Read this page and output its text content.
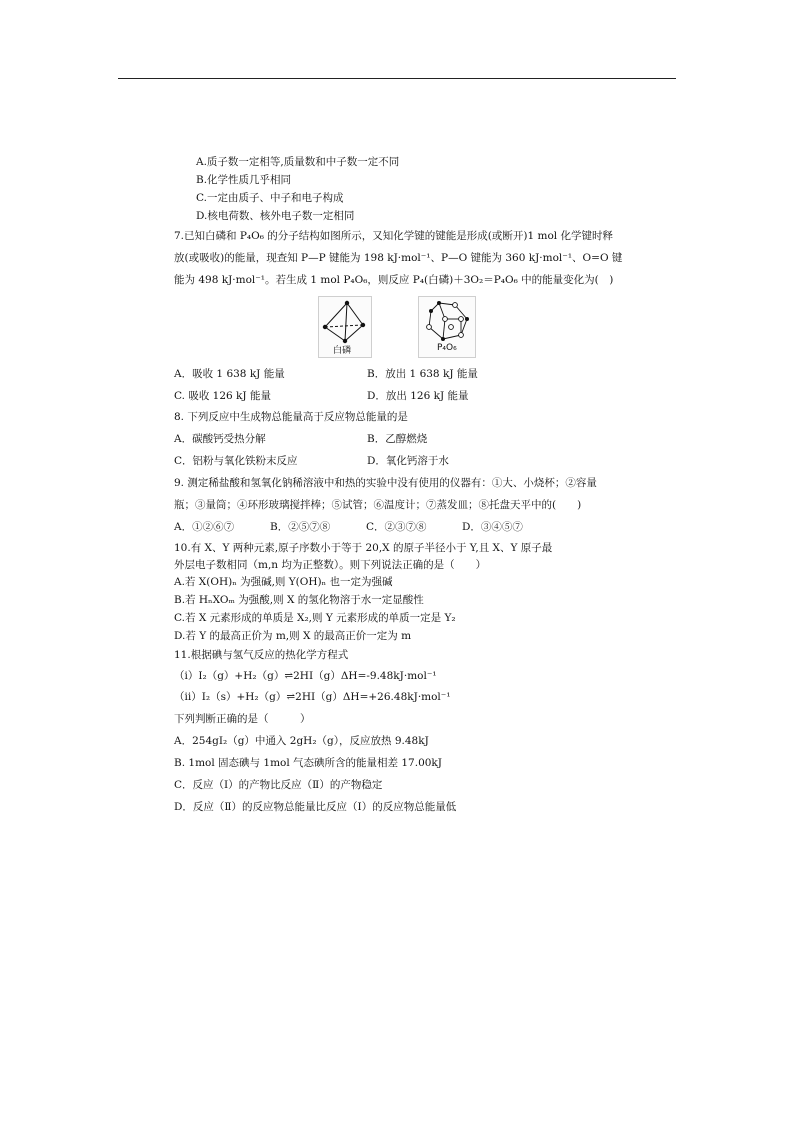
A.质子数一定相等,质量数和中子数一定不同
B.化学性质几乎相同
C.一定由质子、中子和电子构成
D.核电荷数、核外电子数一定相同
7.已知白磷和 P₄O₆ 的分子结构如图所示，又知化学键的键能是形成(或断开)1 mol 化学键时释
放(或吸收)的能量，现查知 P—P 键能为 198 kJ·mol⁻¹、P—O 键能为 360 kJ·mol⁻¹、O=O 键
能为 498 kJ·mol⁻¹。若生成 1 mol P₄O₆，则反应 P₄(白磷)＋3O₂＝P₄O₆ 中的能量变化为(　)
白磷	P₄O₆
A．吸收 1 638 kJ 能量	B．放出 1 638 kJ 能量
C. 吸收 126 kJ 能量	D．放出 126 kJ 能量
8. 下列反应中生成物总能量高于反应物总能量的是
A．碳酸钙受热分解	B．乙醇燃烧
C．铝粉与氧化铁粉末反应	D．氧化钙溶于水
9. 测定稀盐酸和氢氧化钠稀溶液中和热的实验中没有使用的仪器有：①大、小烧杯；②容量
瓶；③量筒；④环形玻璃搅拌棒；⑤试管；⑥温度计；⑦蒸发皿；⑧托盘天平中的(　　)
A．①②⑥⑦	B．②⑤⑦⑧	C．②③⑦⑧	D．③④⑤⑦
10.有 X、Y 两种元素,原子序数小于等于 20,X 的原子半径小于 Y,且 X、Y 原子最
外层电子数相同（m,n 均为正整数）。则下列说法正确的是（　　）
A.若 X(OH)ₙ 为强碱,则 Y(OH)ₙ 也一定为强碱
B.若 HₙXOₘ 为强酸,则 X 的氢化物溶于水一定显酸性
C.若 X 元素形成的单质是 X₂,则 Y 元素形成的单质一定是 Y₂
D.若 Y 的最高正价为 m,则 X 的最高正价一定为 m
11.根据碘与氢气反应的热化学方程式
（i）I₂（g）+H₂（g）⇌2HI（g）ΔH=-9.48kJ·mol⁻¹
（ii）I₂（s）+H₂（g）⇌2HI（g）ΔH=+26.48kJ·mol⁻¹
下列判断正确的是（　　　）
A．254gI₂（g）中通入 2gH₂（g），反应放热 9.48kJ
B. 1mol 固态碘与 1mol 气态碘所含的能量相差 17.00kJ
C．反应（Ⅰ）的产物比反应（Ⅱ）的产物稳定
D．反应（Ⅱ）的反应物总能量比反应（Ⅰ）的反应物总能量低
